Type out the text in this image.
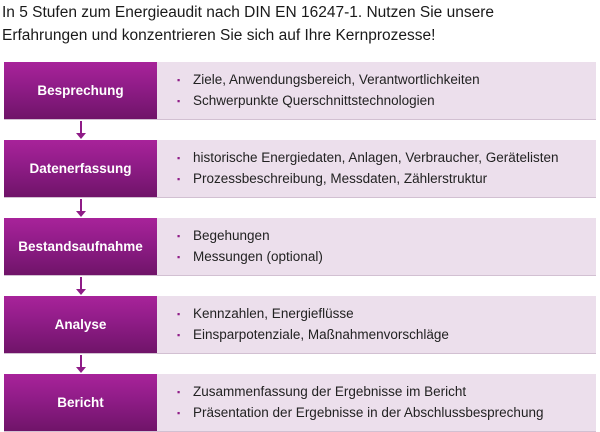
In 5 Stufen zum Energieaudit nach DIN EN 16247-1. Nutzen Sie unsere

Erfahrungen und konzentrieren Sie sich auf Ihre Kernprozesse!

Besprechung
▪ Ziele, Anwendungsbereich, Verantwortlichkeiten
▪ Schwerpunkte Querschnittstechnologien
Datenerfassung
▪ historische Energiedaten, Anlagen, Verbraucher, Gerätelisten
▪ Prozessbeschreibung, Messdaten, Zählerstruktur
Bestandsaufnahme
▪ Begehungen
▪ Messungen (optional)
Analyse
▪ Kennzahlen, Energieflüsse
▪ Einsparpotenziale, Maßnahmenvorschläge
Bericht
▪ Zusammenfassung der Ergebnisse im Bericht
▪ Präsentation der Ergebnisse in der Abschlussbesprechung
